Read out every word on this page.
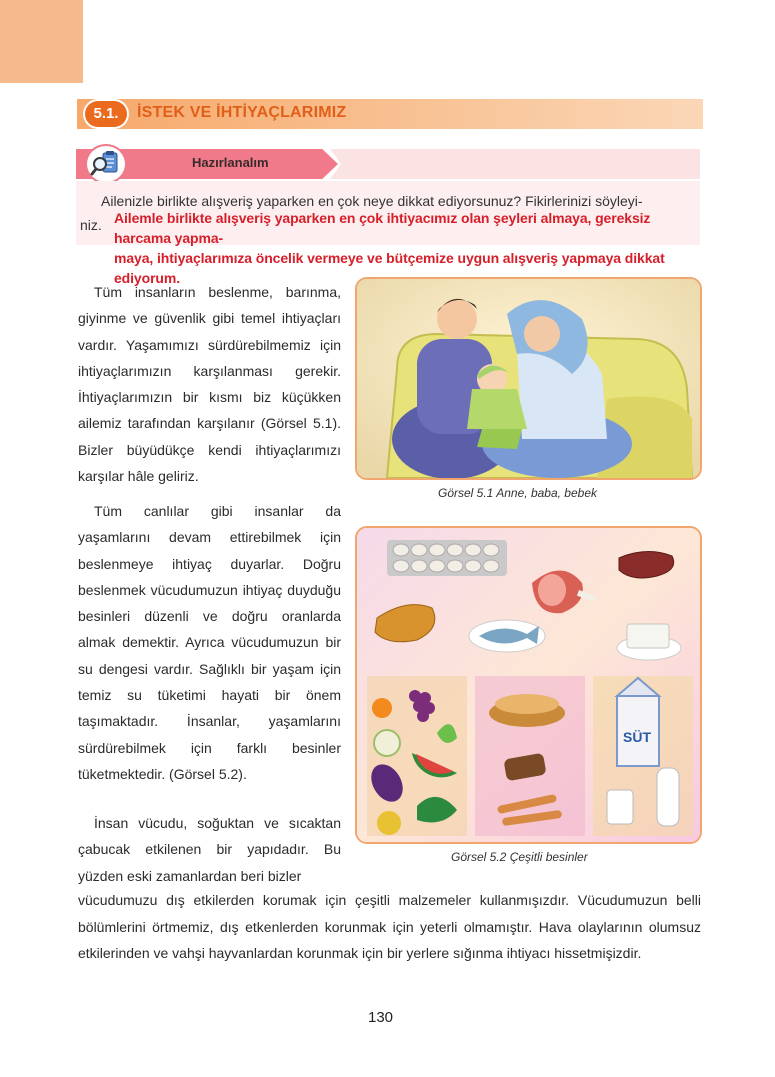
5.1.	İSTEK VE İHTİYAÇLARIMIZ
Hazırlanalım
Ailenizle birlikte alışveriş yaparken en çok neye dikkat ediyorsunuz? Fikirlerinizi söyleyi-
niz. Ailemle birlikte alışveriş yaparken en çok ihtiyacımız olan şeyleri almaya, gereksiz harcama yapma-
maya, ihtiyaçlarımıza öncelik vermeye ve bütçemize uygun alışveriş yapmaya dikkat ediyorum.
Tüm insanların beslenme, barınma, giyinme ve güvenlik gibi temel ihtiyaçları vardır. Yaşamımızı sürdürebilmemiz için ihtiyaçlarımızın karşılanması gerekir. İhtiyaçlarımızın bir kısmı biz küçükken ailemiz tarafından karşılanır (Görsel 5.1). Bizler büyüdükçe kendi ihtiyaçlarımızı karşılar hâle geliriz.
Tüm canlılar gibi insanlar da yaşamlarını devam ettirebilmek için beslenmeye ihtiyaç duyarlar. Doğru beslenmek vücudumuzun ihtiyaç duyduğu besinleri düzenli ve doğru oranlarda almak demektir. Ayrıca vücudumuzun bir su dengesi vardır. Sağlıklı bir yaşam için temiz su tüketimi hayati bir önem taşımaktadır. İnsanlar, yaşamlarını sürdürebilmek için farklı besinler tüketmektedir. (Görsel 5.2).
İnsan vücudu, soğuktan ve sıcaktan çabucak etkilenen bir yapıdadır. Bu yüzden eski zamanlardan beri bizler
vücudumuzu dış etkilerden korumak için çeşitli malzemeler kullanmışızdır. Vücudumuzun belli bölümlerini örtmemiz, dış etkenlerden korunmak için yeterli olmamıştır. Hava olaylarının olumsuz etkilerinden ve vahşi hayvanlardan korunmak için bir yerlere sığınma ihtiyacı hissetmişizdir.
Görsel 5.1 Anne, baba, bebek
SÜT
Görsel 5.2 Çeşitli besinler
130
